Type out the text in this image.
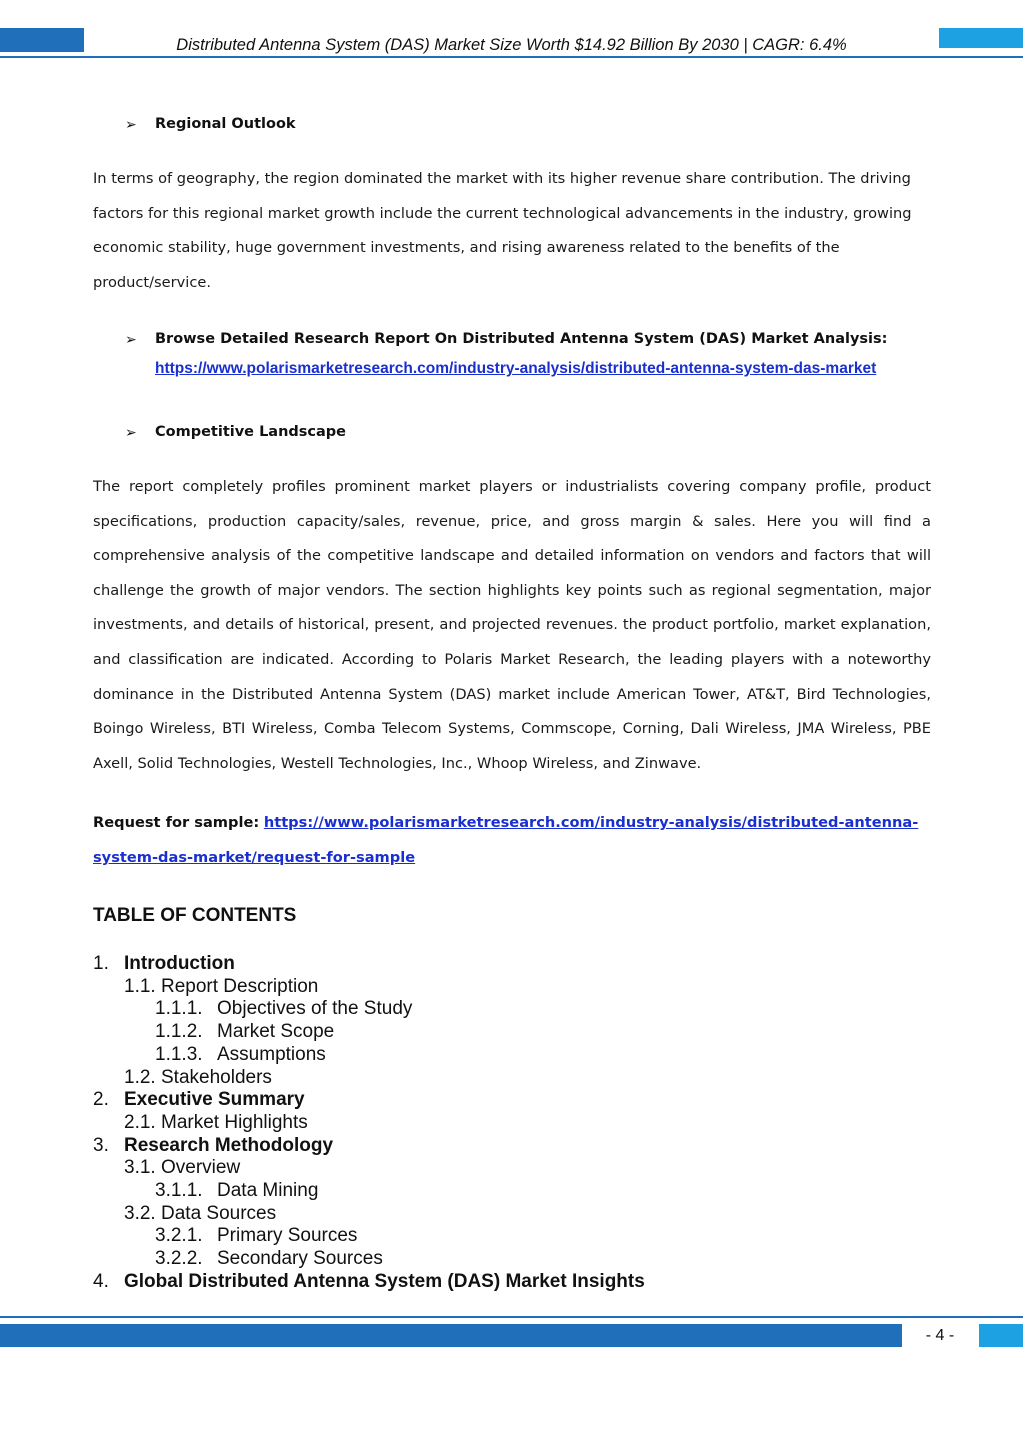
Distributed Antenna System (DAS) Market Size Worth $14.92 Billion By 2030 | CAGR: 6.4%
➢	Regional Outlook
In terms of geography, the region dominated the market with its higher revenue share contribution. The driving factors for this regional market growth include the current technological advancements in the industry, growing economic stability, huge government investments, and rising awareness related to the benefits of the product/service.
➢	Browse Detailed Research Report On Distributed Antenna System (DAS) Market Analysis:
https://www.polarismarketresearch.com/industry-analysis/distributed-antenna-system-das-market
➢	Competitive Landscape
The report completely profiles prominent market players or industrialists covering company profile, product specifications, production capacity/sales, revenue, price, and gross margin & sales. Here you will find a comprehensive analysis of the competitive landscape and detailed information on vendors and factors that will challenge the growth of major vendors. The section highlights key points such as regional segmentation, major investments, and details of historical, present, and projected revenues. the product portfolio, market explanation, and classification are indicated. According to Polaris Market Research, the leading players with a noteworthy dominance in the Distributed Antenna System (DAS) market include American Tower, AT&T, Bird Technologies, Boingo Wireless, BTI Wireless, Comba Telecom Systems, Commscope, Corning, Dali Wireless, JMA Wireless, PBE Axell, Solid Technologies, Westell Technologies, Inc., Whoop Wireless, and Zinwave.
Request for sample: https://www.polarismarketresearch.com/industry-analysis/distributed-antenna-system-das-market/request-for-sample
TABLE OF CONTENTS
1. Introduction
1.1. Report Description
1.1.1. Objectives of the Study
1.1.2. Market Scope
1.1.3. Assumptions
1.2. Stakeholders
2. Executive Summary
2.1. Market Highlights
3. Research Methodology
3.1. Overview
3.1.1. Data Mining
3.2. Data Sources
3.2.1. Primary Sources
3.2.2. Secondary Sources
4. Global Distributed Antenna System (DAS) Market Insights
- 4 -
